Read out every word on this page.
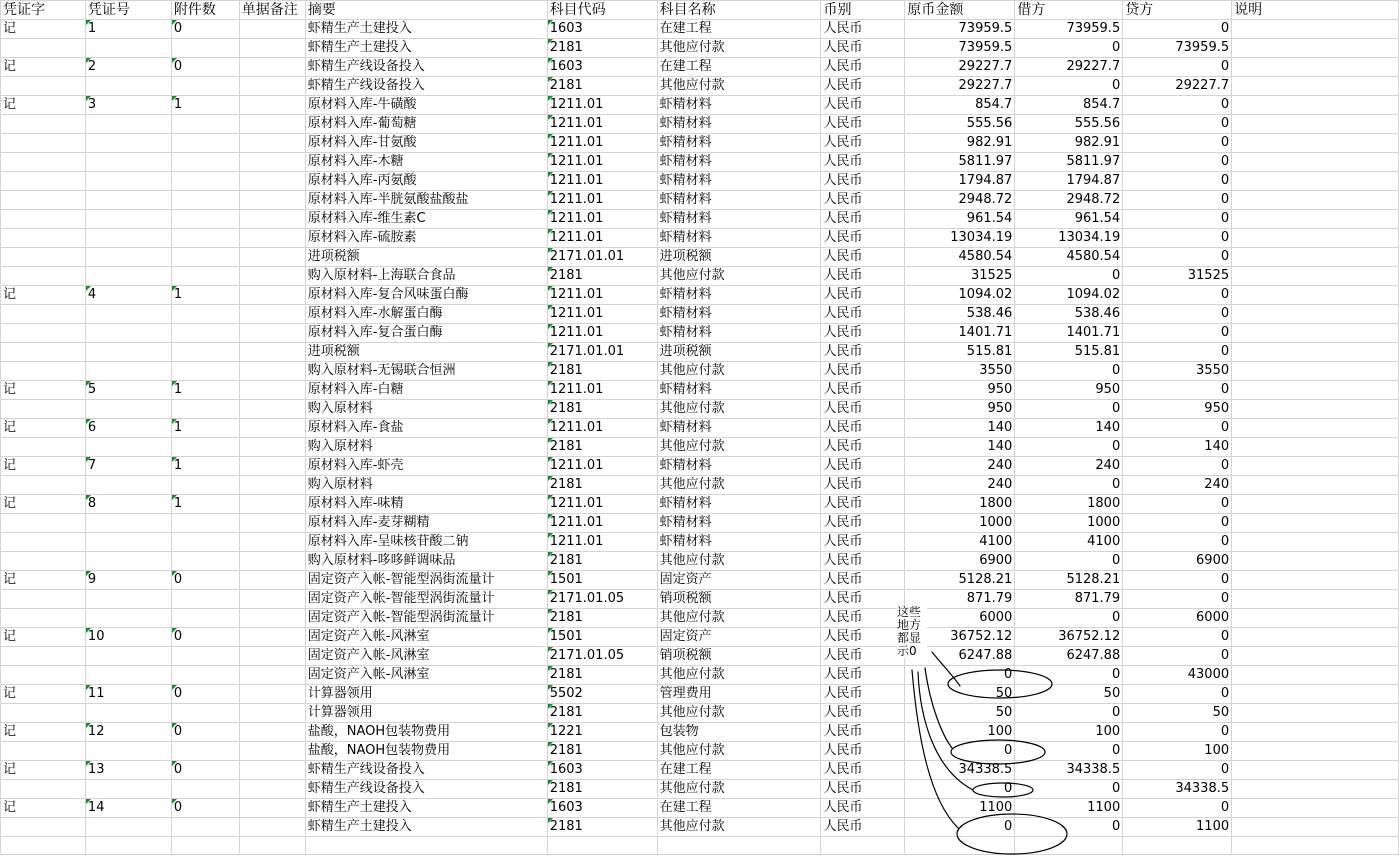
凭证字	凭证号	附件数	单据备注	摘要	科目代码	科目名称	币别	原币金额	借方	贷方	说明
记	1	0		虾精生产土建投入	1603	在建工程	人民币	73959.5	73959.5	0	
				虾精生产土建投入	2181	其他应付款	人民币	73959.5	0	73959.5	
记	2	0		虾精生产线设备投入	1603	在建工程	人民币	29227.7	29227.7	0	
				虾精生产线设备投入	2181	其他应付款	人民币	29227.7	0	29227.7	
记	3	1		原材料入库-牛磺酸	1211.01	虾精材料	人民币	854.7	854.7	0	
				原材料入库-葡萄糖	1211.01	虾精材料	人民币	555.56	555.56	0	
				原材料入库-甘氨酸	1211.01	虾精材料	人民币	982.91	982.91	0	
				原材料入库-木糖	1211.01	虾精材料	人民币	5811.97	5811.97	0	
				原材料入库-丙氨酸	1211.01	虾精材料	人民币	1794.87	1794.87	0	
				原材料入库-半胱氨酸盐酸盐	1211.01	虾精材料	人民币	2948.72	2948.72	0	
				原材料入库-维生素C	1211.01	虾精材料	人民币	961.54	961.54	0	
				原材料入库-硫胺素	1211.01	虾精材料	人民币	13034.19	13034.19	0	
				进项税额	2171.01.01	进项税额	人民币	4580.54	4580.54	0	
				购入原材料-上海联合食品	2181	其他应付款	人民币	31525	0	31525	
记	4	1		原材料入库-复合风味蛋白酶	1211.01	虾精材料	人民币	1094.02	1094.02	0	
				原材料入库-水解蛋白酶	1211.01	虾精材料	人民币	538.46	538.46	0	
				原材料入库-复合蛋白酶	1211.01	虾精材料	人民币	1401.71	1401.71	0	
				进项税额	2171.01.01	进项税额	人民币	515.81	515.81	0	
				购入原材料-无锡联合恒洲	2181	其他应付款	人民币	3550	0	3550	
记	5	1		原材料入库-白糖	1211.01	虾精材料	人民币	950	950	0	
				购入原材料	2181	其他应付款	人民币	950	0	950	
记	6	1		原材料入库-食盐	1211.01	虾精材料	人民币	140	140	0	
				购入原材料	2181	其他应付款	人民币	140	0	140	
记	7	1		原材料入库-虾壳	1211.01	虾精材料	人民币	240	240	0	
				购入原材料	2181	其他应付款	人民币	240	0	240	
记	8	1		原材料入库-味精	1211.01	虾精材料	人民币	1800	1800	0	
				原材料入库-麦芽糊精	1211.01	虾精材料	人民币	1000	1000	0	
				原材料入库-呈味核苷酸二钠	1211.01	虾精材料	人民币	4100	4100	0	
				购入原材料-哆哆鲜调味品	2181	其他应付款	人民币	6900	0	6900	
记	9	0		固定资产入帐-智能型涡街流量计	1501	固定资产	人民币	5128.21	5128.21	0	
				固定资产入帐-智能型涡街流量计	2171.01.05	销项税额	人民币	871.79	871.79	0	
				固定资产入帐-智能型涡街流量计	2181	其他应付款	人民币	6000	0	6000	
记	10	0		固定资产入帐-风淋室	1501	固定资产	人民币	36752.12	36752.12	0	
				固定资产入帐-风淋室	2171.01.05	销项税额	人民币	6247.88	6247.88	0	
				固定资产入帐-风淋室	2181	其他应付款	人民币	0	0	43000	
记	11	0		计算器领用	5502	管理费用	人民币	50	50	0	
				计算器领用	2181	其他应付款	人民币	50	0	50	
记	12	0		盐酸，NAOH包装物费用	1221	包装物	人民币	100	100	0	
				盐酸，NAOH包装物费用	2181	其他应付款	人民币	0	0	100	
记	13	0		虾精生产线设备投入	1603	在建工程	人民币	34338.5	34338.5	0	
				虾精生产线设备投入	2181	其他应付款	人民币	0	0	34338.5	
记	14	0		虾精生产土建投入	1603	在建工程	人民币	1100	1100	0	
				虾精生产土建投入	2181	其他应付款	人民币	0	0	1100	

这些
地方
都显
示0
